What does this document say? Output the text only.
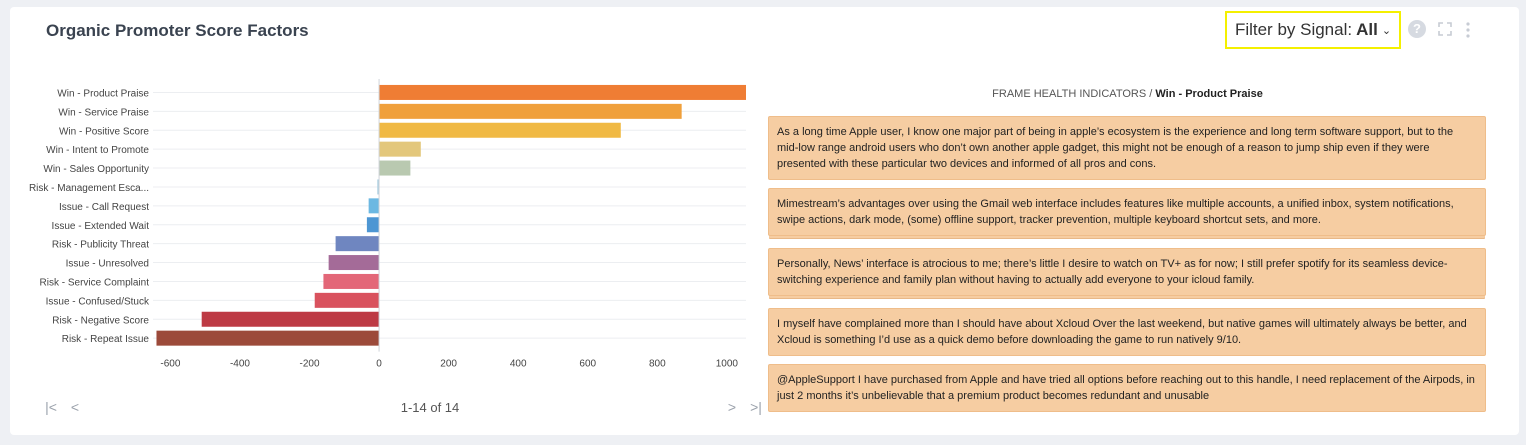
Organic Promoter Score Factors	Filter by Signal: All ⌄	?
Win - Product Praise
Win - Service Praise
Win - Positive Score
Win - Intent to Promote
Win - Sales Opportunity
Risk - Management Esca...
Issue - Call Request
Issue - Extended Wait
Risk - Publicity Threat
Issue - Unresolved
Risk - Service Complaint
Issue - Confused/Stuck
Risk - Negative Score
Risk - Repeat Issue
-600	-400	-200	0	200	400	600	800	1000
|< <	1-14 of 14	> >|
FRAME HEALTH INDICATORS / Win - Product Praise
As a long time Apple user, I know one major part of being in apple’s ecosystem is the experience and long term software support, but to the mid-low range android users who don’t own another apple gadget, this might not be enough of a reason to jump ship even if they were presented with these particular two devices and informed of all pros and cons.
Mimestream’s advantages over using the Gmail web interface includes features like multiple accounts, a unified inbox, system notifications, swipe actions, dark mode, (some) offline support, tracker prevention, multiple keyboard shortcut sets, and more.
Personally, News’ interface is atrocious to me; there’s little I desire to watch on TV+ as for now; I still prefer spotify for its seamless device-switching experience and family plan without having to actually add everyone to your icloud family.
I myself have complained more than I should have about Xcloud Over the last weekend, but native games will ultimately always be better, and Xcloud is something I’d use as a quick demo before downloading the game to run natively 9/10.
@AppleSupport I have purchased from Apple and have tried all options before reaching out to this handle, I need replacement of the Airpods, in just 2 months it’s unbelievable that a premium product becomes redundant and unusable
